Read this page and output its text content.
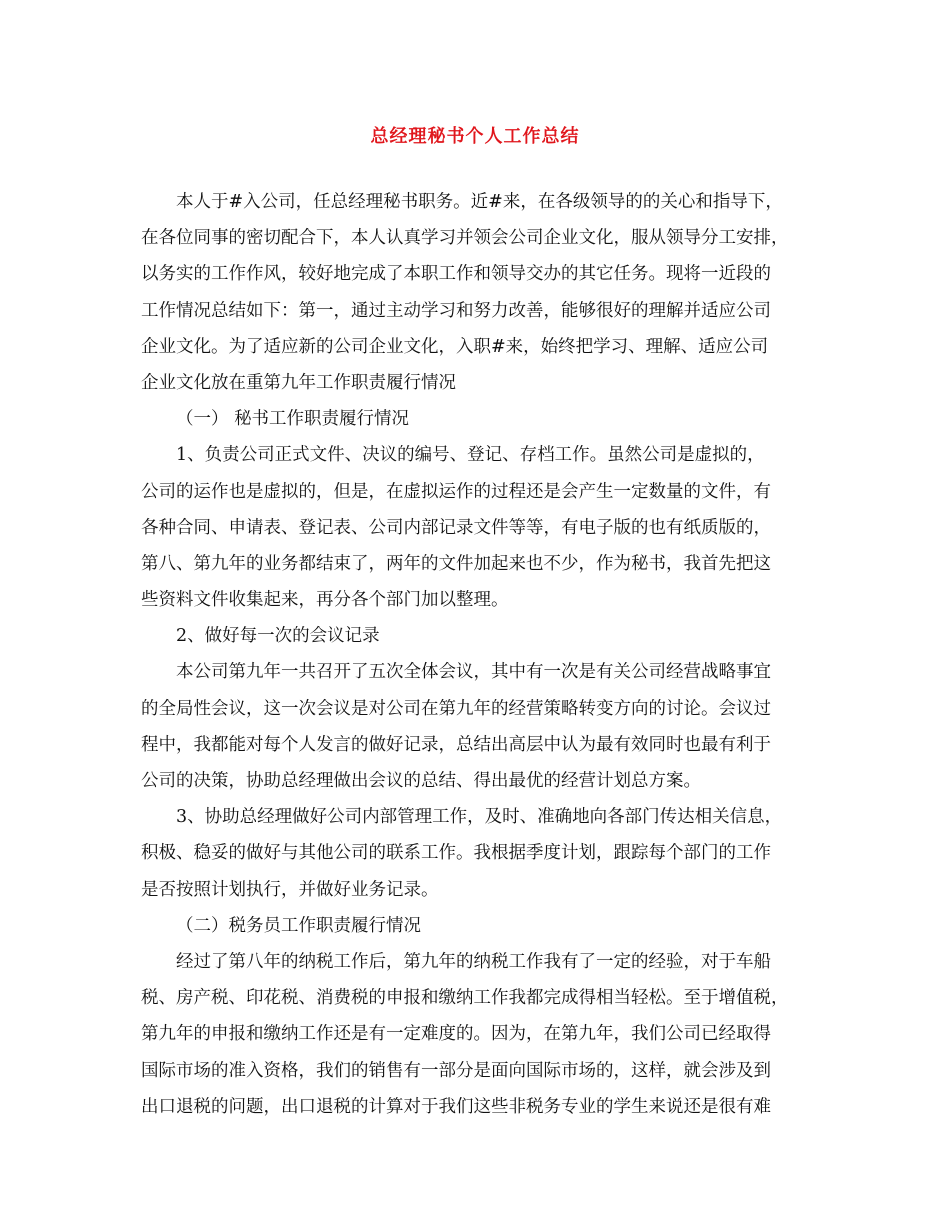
总经理秘书个人工作总结
本人于#入公司，任总经理秘书职务。近#来，在各级领导的的关心和指导下，
在各位同事的密切配合下，本人认真学习并领会公司企业文化，服从领导分工安排，
以务实的工作作风，较好地完成了本职工作和领导交办的其它任务。现将一近段的
工作情况总结如下：第一，通过主动学习和努力改善，能够很好的理解并适应公司
企业文化。为了适应新的公司企业文化，入职#来，始终把学习、理解、适应公司
企业文化放在重第九年工作职责履行情况
（一） 秘书工作职责履行情况
1、负责公司正式文件、决议的编号、登记、存档工作。虽然公司是虚拟的，
公司的运作也是虚拟的，但是，在虚拟运作的过程还是会产生一定数量的文件，有
各种合同、申请表、登记表、公司内部记录文件等等，有电子版的也有纸质版的，
第八、第九年的业务都结束了，两年的文件加起来也不少，作为秘书，我首先把这
些资料文件收集起来，再分各个部门加以整理。
2、做好每一次的会议记录
本公司第九年一共召开了五次全体会议，其中有一次是有关公司经营战略事宜
的全局性会议，这一次会议是对公司在第九年的经营策略转变方向的讨论。会议过
程中，我都能对每个人发言的做好记录，总结出高层中认为最有效同时也最有利于
公司的决策，协助总经理做出会议的总结、得出最优的经营计划总方案。
3、协助总经理做好公司内部管理工作，及时、准确地向各部门传达相关信息，
积极、稳妥的做好与其他公司的联系工作。我根据季度计划，跟踪每个部门的工作
是否按照计划执行，并做好业务记录。
（二）税务员工作职责履行情况
经过了第八年的纳税工作后，第九年的纳税工作我有了一定的经验，对于车船
税、房产税、印花税、消费税的申报和缴纳工作我都完成得相当轻松。至于增值税，
第九年的申报和缴纳工作还是有一定难度的。因为，在第九年，我们公司已经取得
国际市场的准入资格，我们的销售有一部分是面向国际市场的，这样，就会涉及到
出口退税的问题，出口退税的计算对于我们这些非税务专业的学生来说还是很有难
